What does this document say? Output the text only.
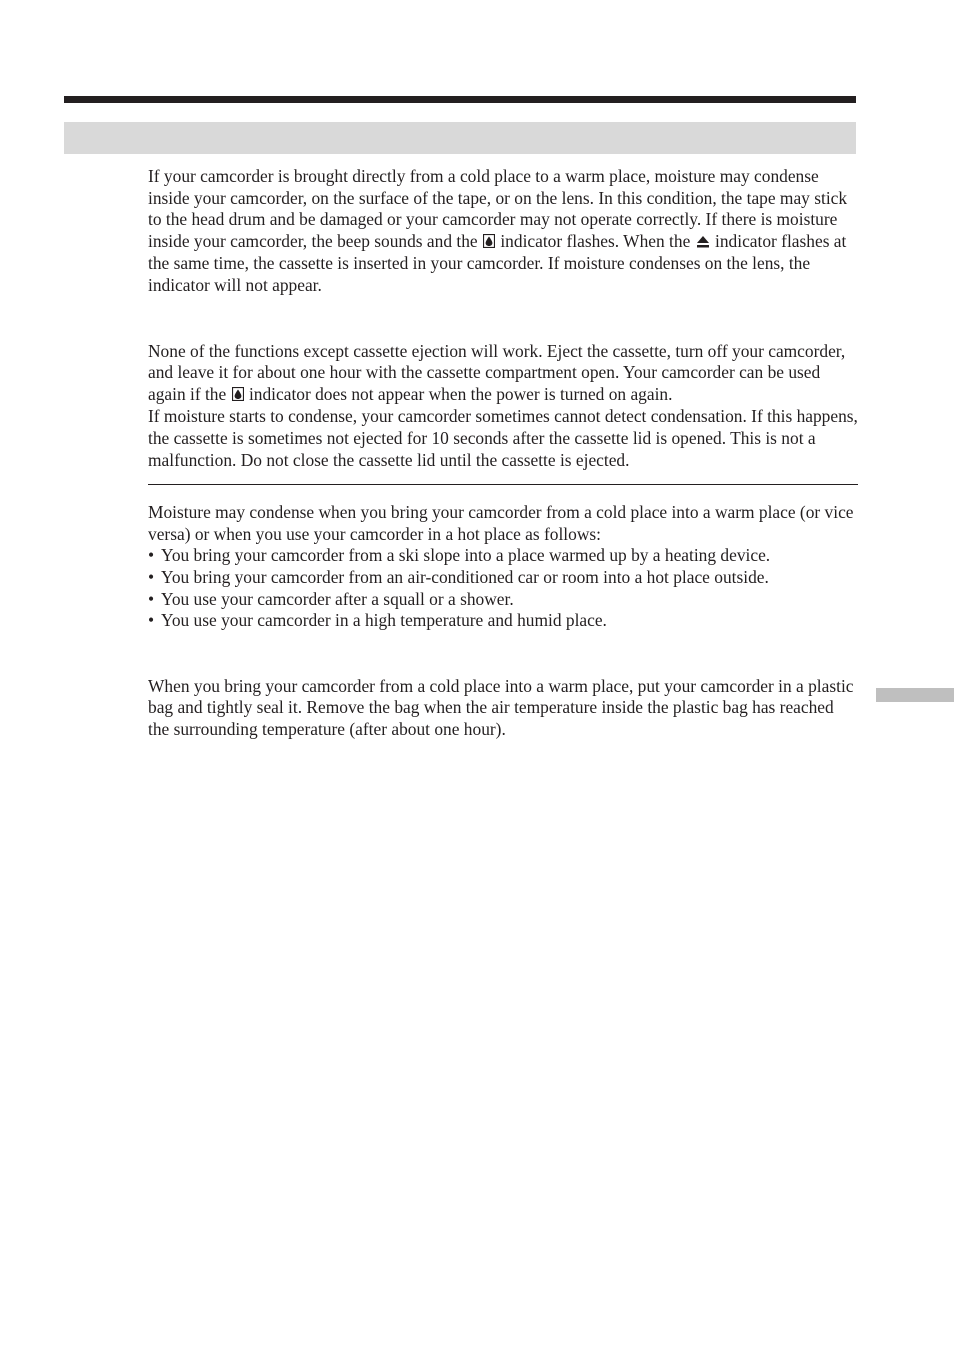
If your camcorder is brought directly from a cold place to a warm place, moisture may condense inside your camcorder, on the surface of the tape, or on the lens. In this condition, the tape may stick to the head drum and be damaged or your camcorder may not operate correctly. If there is moisture inside your camcorder, the beep sounds and the indicator flashes. When the indicator flashes at the same time, the cassette is inserted in your camcorder. If moisture condenses on the lens, the indicator will not appear.

None of the functions except cassette ejection will work. Eject the cassette, turn off your camcorder, and leave it for about one hour with the cassette compartment open. Your camcorder can be used again if the indicator does not appear when the power is turned on again.

If moisture starts to condense, your camcorder sometimes cannot detect condensation. If this happens, the cassette is sometimes not ejected for 10 seconds after the cassette lid is opened. This is not a malfunction. Do not close the cassette lid until the cassette is ejected.

Moisture may condense when you bring your camcorder from a cold place into a warm place (or vice versa) or when you use your camcorder in a hot place as follows:

• You bring your camcorder from a ski slope into a place warmed up by a heating device.
• You bring your camcorder from an air-conditioned car or room into a hot place outside.
• You use your camcorder after a squall or a shower.
• You use your camcorder in a high temperature and humid place.

When you bring your camcorder from a cold place into a warm place, put your camcorder in a plastic bag and tightly seal it. Remove the bag when the air temperature inside the plastic bag has reached the surrounding temperature (after about one hour).
